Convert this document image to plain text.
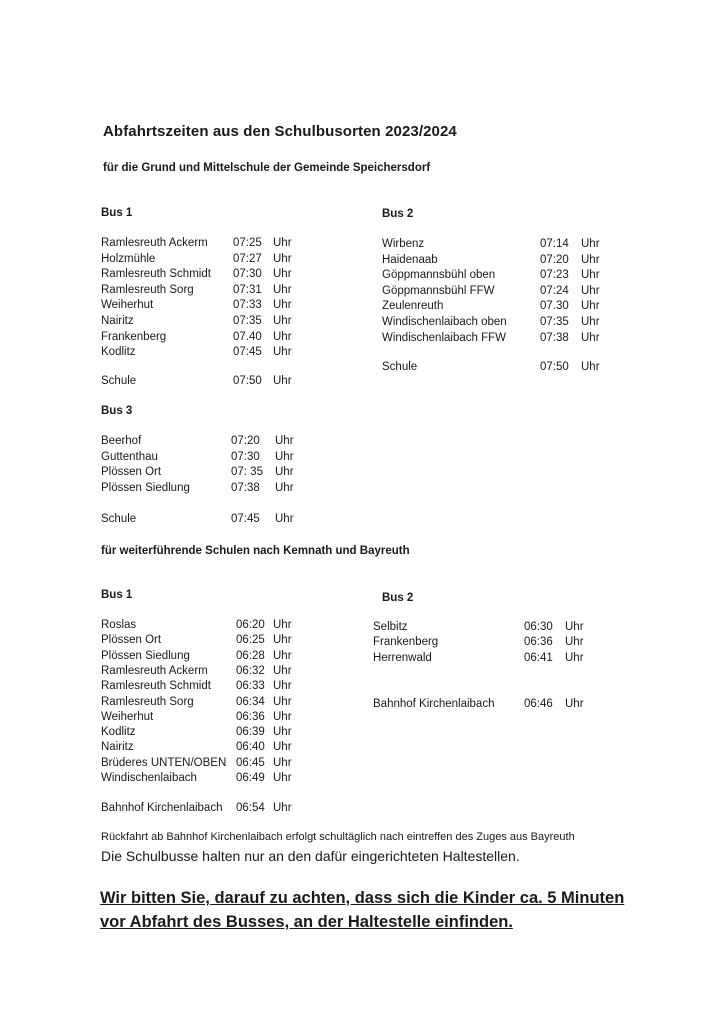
Abfahrtszeiten aus den Schulbusorten 2023/2024
für die Grund und Mittelschule der Gemeinde Speichersdorf
Bus 1
Ramlesreuth Ackerm 07:25 Uhr
Holzmühle	07:27 Uhr
Ramlesreuth Schmidt 07:30 Uhr
Ramlesreuth Sorg	07:31 Uhr
Weiherhut	07:33 Uhr
Nairitz	07:35 Uhr
Frankenberg	07.40 Uhr
Kodlitz	07:45 Uhr
Schule	07:50 Uhr
Bus 2
Wirbenz	07:14 Uhr
Haidenaab	07:20 Uhr
Göppmannsbühl oben	07:23 Uhr
Göppmannsbühl FFW	07:24 Uhr
Zeulenreuth	07.30 Uhr
Windischenlaibach oben	07:35 Uhr
Windischenlaibach FFW	07:38 Uhr
Schule	07:50 Uhr
Bus 3
Beerhof	07:20 Uhr
Guttenthau	07:30 Uhr
Plössen Ort	07: 35 Uhr
Plössen Siedlung	07:38 Uhr
Schule	07:45 Uhr
für weiterführende Schulen nach Kemnath und Bayreuth
Bus 1
Roslas	06:20 Uhr
Plössen Ort	06:25 Uhr
Plössen Siedlung	06:28 Uhr
Ramlesreuth Ackerm 06:32 Uhr
Ramlesreuth Schmidt 06:33 Uhr
Ramlesreuth Sorg	06:34 Uhr
Weiherhut	06:36 Uhr
Kodlitz	06:39 Uhr
Nairitz	06:40 Uhr
Brüderes UNTEN/OBEN 06:45 Uhr
Windischenlaibach	06:49 Uhr
Bahnhof Kirchenlaibach 06:54 Uhr
Bus 2
Selbitz	06:30 Uhr
Frankenberg	06:36 Uhr
Herrenwald	06:41 Uhr
Bahnhof Kirchenlaibach	06:46 Uhr
Rückfahrt ab Bahnhof Kirchenlaibach erfolgt schultäglich nach eintreffen des Zuges aus Bayreuth
Die Schulbusse halten nur an den dafür eingerichteten Haltestellen.
Wir bitten Sie, darauf zu achten, dass sich die Kinder ca. 5 Minuten
vor Abfahrt des Busses, an der Haltestelle einfinden.
